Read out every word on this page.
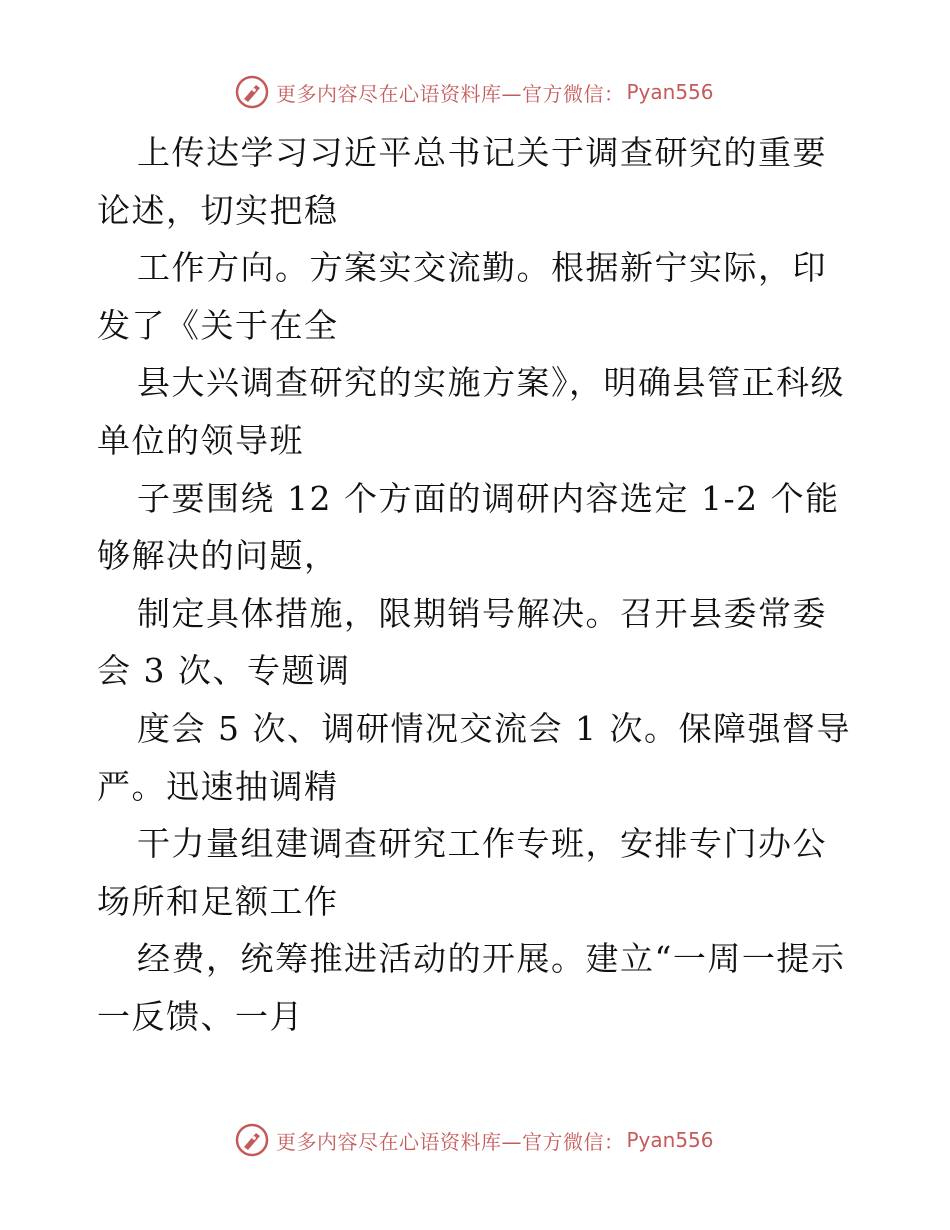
更多内容尽在心语资料库—官方微信： Pyan556

上传达学习习近平总书记关于调查研究的重要论述，切实把稳

工作方向。方案实交流勤。根据新宁实际，印发了《关于在全

县大兴调查研究的实施方案》，明确县管正科级单位的领导班

子要围绕 12 个方面的调研内容选定 1-2 个能够解决的问题，

制定具体措施，限期销号解决。召开县委常委会 3 次、专题调

度会 5 次、调研情况交流会 1 次。保障强督导严。迅速抽调精

干力量组建调查研究工作专班，安排专门办公场所和足额工作

经费，统筹推进活动的开展。建立“一周一提示一反馈、一月

更多内容尽在心语资料库—官方微信： Pyan556
